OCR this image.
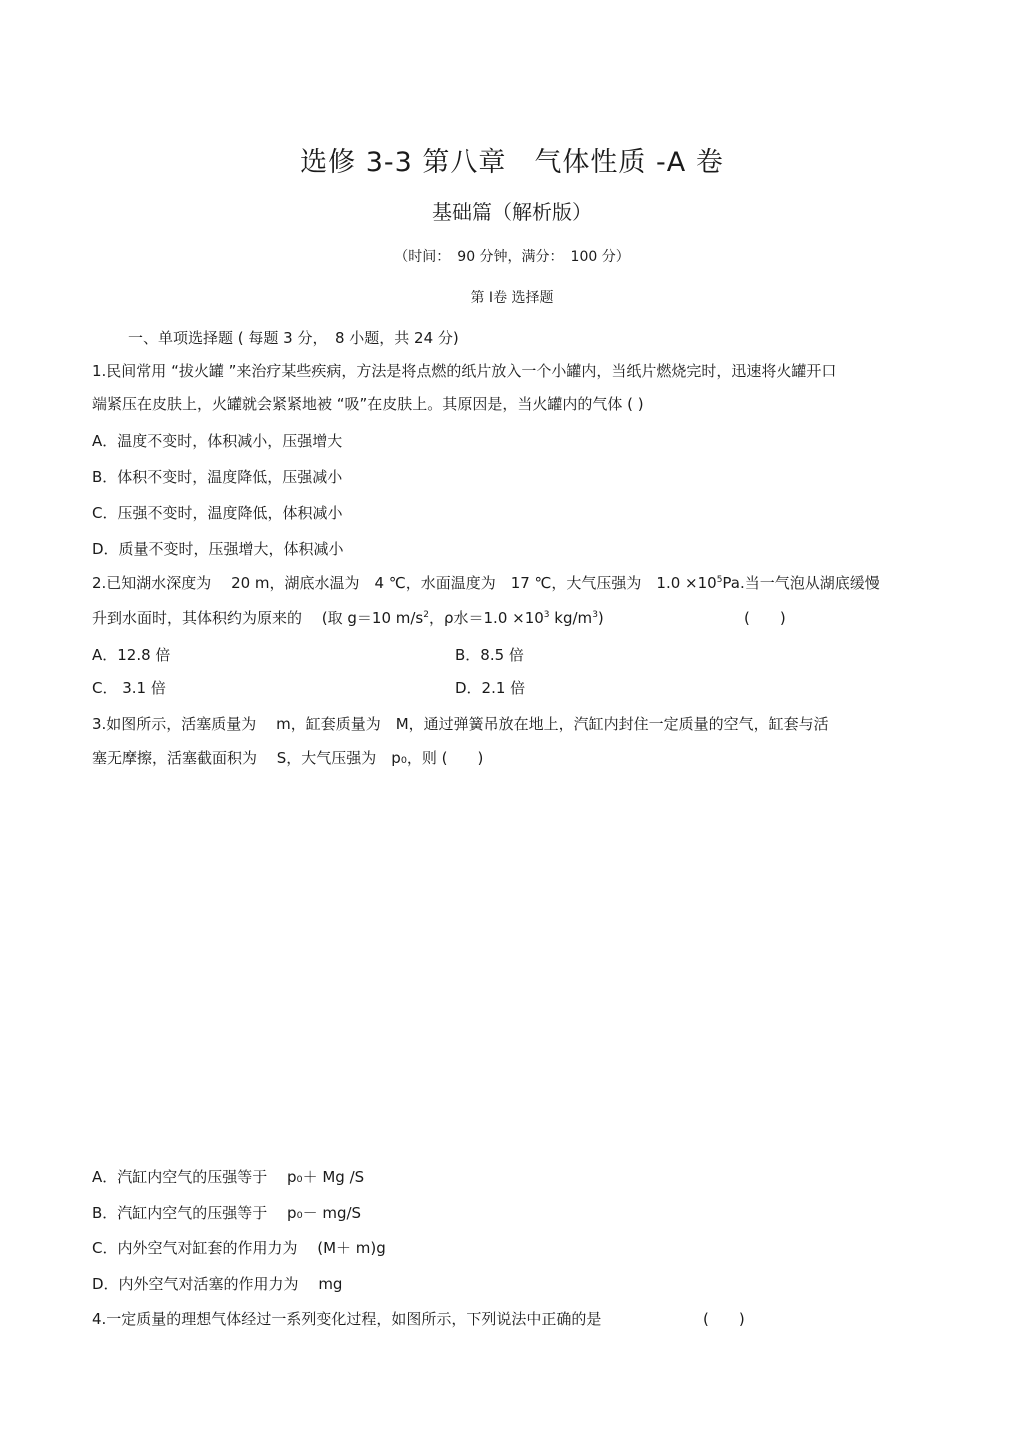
选修 3-3 第八章　气体性质 -A 卷
基础篇（解析版）
（时间：　90 分钟，满分：　100 分）
第 Ⅰ卷 选择题
一、单项选择题 ( 每题 3 分，　8 小题，共 24 分)
1.民间常用 “拔火罐 ”来治疗某些疾病，方法是将点燃的纸片放入一个小罐内，当纸片燃烧完时，迅速将火罐开口
端紧压在皮肤上，火罐就会紧紧地被 “吸”在皮肤上。其原因是，当火罐内的气体 ( )
A．温度不变时，体积减小，压强增大
B．体积不变时，温度降低，压强减小
C．压强不变时，温度降低，体积减小
D．质量不变时，压强增大，体积减小
2.已知湖水深度为　 20 m，湖底水温为　4 ℃，水面温度为　17 ℃，大气压强为　$1.0 \times 10^5Pa$.当一气泡从湖底缓慢
升到水面时，其体积约为原来的　 (取 g＝10 $m/s^2$，ρ水$=1.0 \times 10^3$ $kg/m^3$)	(　　)
A．12.8 倍	B．8.5 倍
C． 3.1 倍	D．2.1 倍
3.如图所示，活塞质量为　 m，缸套质量为　M，通过弹簧吊放在地上，汽缸内封住一定质量的空气，缸套与活
塞无摩擦，活塞截面积为　 S，大气压强为　p₀，则 (　　)
A．汽缸内空气的压强等于　 p₀＋ Mg /S
B．汽缸内空气的压强等于　 p₀－ mg/S
C．内外空气对缸套的作用力为　 (M＋ m)g
D．内外空气对活塞的作用力为　 mg
4.一定质量的理想气体经过一系列变化过程，如图所示，下列说法中正确的是	(　　)
